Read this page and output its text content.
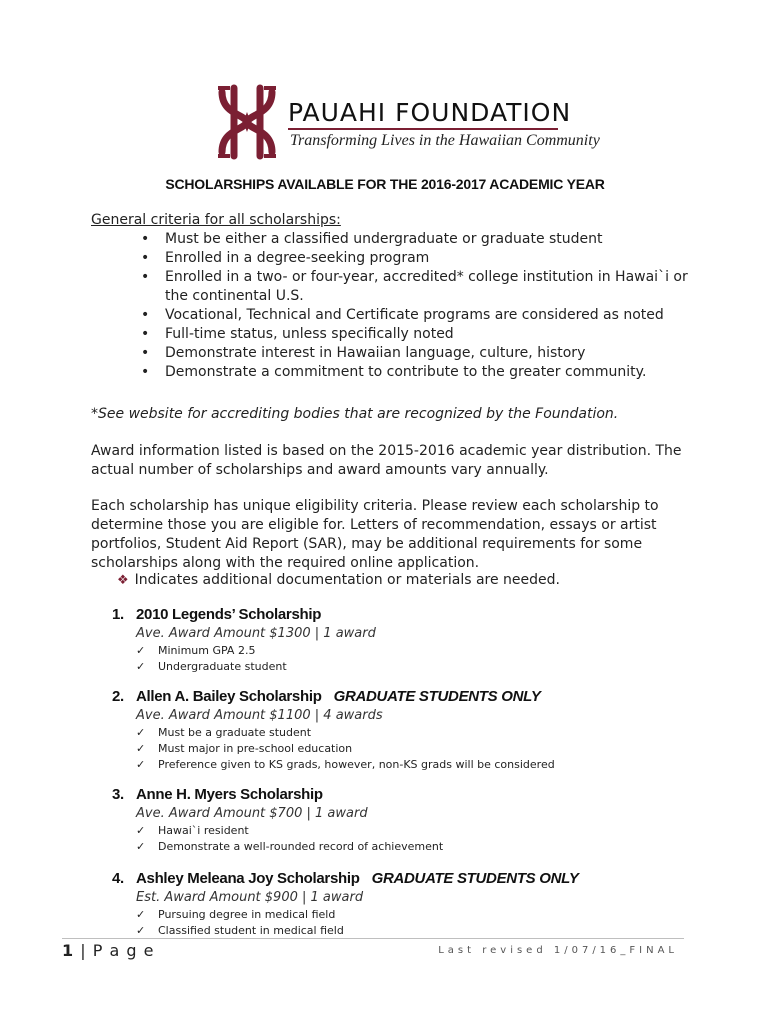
PAUAHI FOUNDATION
Transforming Lives in the Hawaiian Community
SCHOLARSHIPS AVAILABLE FOR THE 2016-2017 ACADEMIC YEAR
General criteria for all scholarships:
• Must be either a classified undergraduate or graduate student
• Enrolled in a degree-seeking program
• Enrolled in a two- or four-year, accredited* college institution in Hawai`i or the continental U.S.
• Vocational, Technical and Certificate programs are considered as noted
• Full-time status, unless specifically noted
• Demonstrate interest in Hawaiian language, culture, history
• Demonstrate a commitment to contribute to the greater community.
*See website for accrediting bodies that are recognized by the Foundation.
Award information listed is based on the 2015-2016 academic year distribution. The actual number of scholarships and award amounts vary annually.
Each scholarship has unique eligibility criteria. Please review each scholarship to determine those you are eligible for. Letters of recommendation, essays or artist portfolios, Student Aid Report (SAR), may be additional requirements for some scholarships along with the required online application.
❖ Indicates additional documentation or materials are needed.
1. 2010 Legends’ Scholarship
Ave. Award Amount $1300 | 1 award
✓ Minimum GPA 2.5
✓ Undergraduate student
2. Allen A. Bailey Scholarship GRADUATE STUDENTS ONLY
Ave. Award Amount $1100 | 4 awards
✓ Must be a graduate student
✓ Must major in pre-school education
✓ Preference given to KS grads, however, non-KS grads will be considered
3. Anne H. Myers Scholarship
Ave. Award Amount $700 | 1 award
✓ Hawai`i resident
✓ Demonstrate a well-rounded record of achievement
4. Ashley Meleana Joy Scholarship GRADUATE STUDENTS ONLY
Est. Award Amount $900 | 1 award
✓ Pursuing degree in medical field
✓ Classified student in medical field
1 | P a g e	Last revised 1/07/16_FINAL
